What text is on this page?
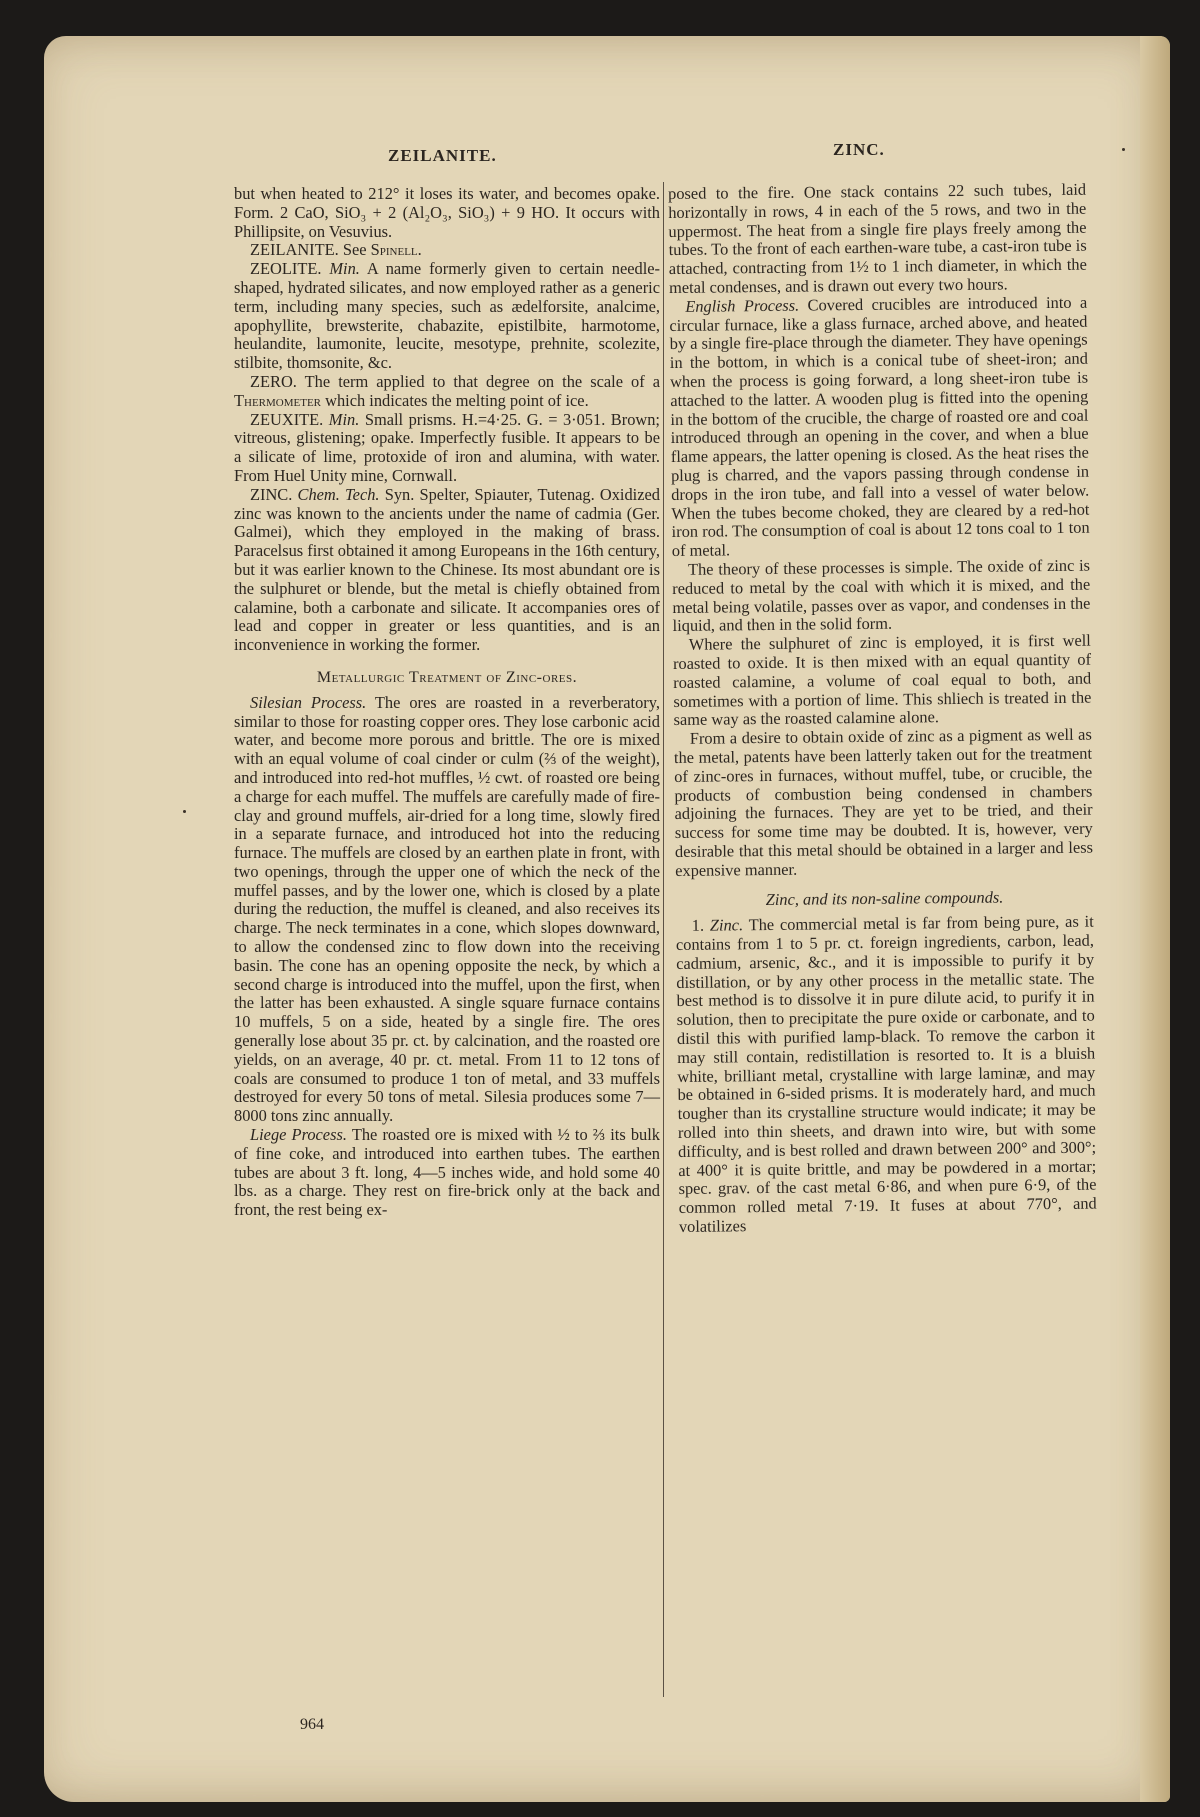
ZEILANITE.	ZINC.

but when heated to 212° it loses its water, and becomes opake. Form. 2 CaO, SiO₃ + 2 (Al₂O₃, SiO₃) + 9 HO. It occurs with Phillipsite, on Vesuvius.

ZEILANITE. See Spinell.

ZEOLITE. Min. A name formerly given to certain needle-shaped, hydrated silicates, and now employed rather as a generic term, including many species, such as ædelforsite, analcime, apophyllite, brewsterite, chabazite, epistilbite, harmotome, heulandite, laumonite, leucite, mesotype, prehnite, scolezite, stilbite, thomsonite, &c.

ZERO. The term applied to that degree on the scale of a Thermometer which indicates the melting point of ice.

ZEUXITE. Min. Small prisms. H.=4·25. G. = 3·051. Brown; vitreous, glistening; opake. Imperfectly fusible. It appears to be a silicate of lime, protoxide of iron and alumina, with water. From Huel Unity mine, Cornwall.

ZINC. Chem. Tech. Syn. Spelter, Spiauter, Tutenag. Oxidized zinc was known to the ancients under the name of cadmia (Ger. Galmei), which they employed in the making of brass. Paracelsus first obtained it among Europeans in the 16th century, but it was earlier known to the Chinese. Its most abundant ore is the sulphuret or blende, but the metal is chiefly obtained from calamine, both a carbonate and silicate. It accompanies ores of lead and copper in greater or less quantities, and is an inconvenience in working the former.

Metallurgic Treatment of Zinc-ores.

Silesian Process. The ores are roasted in a reverberatory, similar to those for roasting copper ores. They lose carbonic acid water, and become more porous and brittle. The ore is mixed with an equal volume of coal cinder or culm (⅔ of the weight), and introduced into red-hot muffles, ½ cwt. of roasted ore being a charge for each muffel. The muffels are carefully made of fire-clay and ground muffels, air-dried for a long time, slowly fired in a separate furnace, and introduced hot into the reducing furnace. The muffels are closed by an earthen plate in front, with two openings, through the upper one of which the neck of the muffel passes, and by the lower one, which is closed by a plate during the reduction, the muffel is cleaned, and also receives its charge. The neck terminates in a cone, which slopes downward, to allow the condensed zinc to flow down into the receiving basin. The cone has an opening opposite the neck, by which a second charge is introduced into the muffel, upon the first, when the latter has been exhausted. A single square furnace contains 10 muffels, 5 on a side, heated by a single fire. The ores generally lose about 35 pr. ct. by calcination, and the roasted ore yields, on an average, 40 pr. ct. metal. From 11 to 12 tons of coals are consumed to produce 1 ton of metal, and 33 muffels destroyed for every 50 tons of metal. Silesia produces some 7—8000 tons zinc annually.

Liege Process. The roasted ore is mixed with ½ to ⅔ its bulk of fine coke, and introduced into earthen tubes. The earthen tubes are about 3 ft. long, 4—5 inches wide, and hold some 40 lbs. as a charge. They rest on fire-brick only at the back and front, the rest being ex-

posed to the fire. One stack contains 22 such tubes, laid horizontally in rows, 4 in each of the 5 rows, and two in the uppermost. The heat from a single fire plays freely among the tubes. To the front of each earthen-ware tube, a cast-iron tube is attached, contracting from 1½ to 1 inch diameter, in which the metal condenses, and is drawn out every two hours.

English Process. Covered crucibles are introduced into a circular furnace, like a glass furnace, arched above, and heated by a single fire-place through the diameter. They have openings in the bottom, in which is a conical tube of sheet-iron; and when the process is going forward, a long sheet-iron tube is attached to the latter. A wooden plug is fitted into the opening in the bottom of the crucible, the charge of roasted ore and coal introduced through an opening in the cover, and when a blue flame appears, the latter opening is closed. As the heat rises the plug is charred, and the vapors passing through condense in drops in the iron tube, and fall into a vessel of water below. When the tubes become choked, they are cleared by a red-hot iron rod. The consumption of coal is about 12 tons coal to 1 ton of metal.

The theory of these processes is simple. The oxide of zinc is reduced to metal by the coal with which it is mixed, and the metal being volatile, passes over as vapor, and condenses in the liquid, and then in the solid form.

Where the sulphuret of zinc is employed, it is first well roasted to oxide. It is then mixed with an equal quantity of roasted calamine, a volume of coal equal to both, and sometimes with a portion of lime. This shliech is treated in the same way as the roasted calamine alone.

From a desire to obtain oxide of zinc as a pigment as well as the metal, patents have been latterly taken out for the treatment of zinc-ores in furnaces, without muffel, tube, or crucible, the products of combustion being condensed in chambers adjoining the furnaces. They are yet to be tried, and their success for some time may be doubted. It is, however, very desirable that this metal should be obtained in a larger and less expensive manner.

Zinc, and its non-saline compounds.

1. Zinc. The commercial metal is far from being pure, as it contains from 1 to 5 pr. ct. foreign ingredients, carbon, lead, cadmium, arsenic, &c., and it is impossible to purify it by distillation, or by any other process in the metallic state. The best method is to dissolve it in pure dilute acid, to purify it in solution, then to precipitate the pure oxide or carbonate, and to distil this with purified lamp-black. To remove the carbon it may still contain, redistillation is resorted to. It is a bluish white, brilliant metal, crystalline with large laminæ, and may be obtained in 6-sided prisms. It is moderately hard, and much tougher than its crystalline structure would indicate; it may be rolled into thin sheets, and drawn into wire, but with some difficulty, and is best rolled and drawn between 200° and 300°; at 400° it is quite brittle, and may be powdered in a mortar; spec. grav. of the cast metal 6·86, and when pure 6·9, of the common rolled metal 7·19. It fuses at about 770°, and volatilizes

964
